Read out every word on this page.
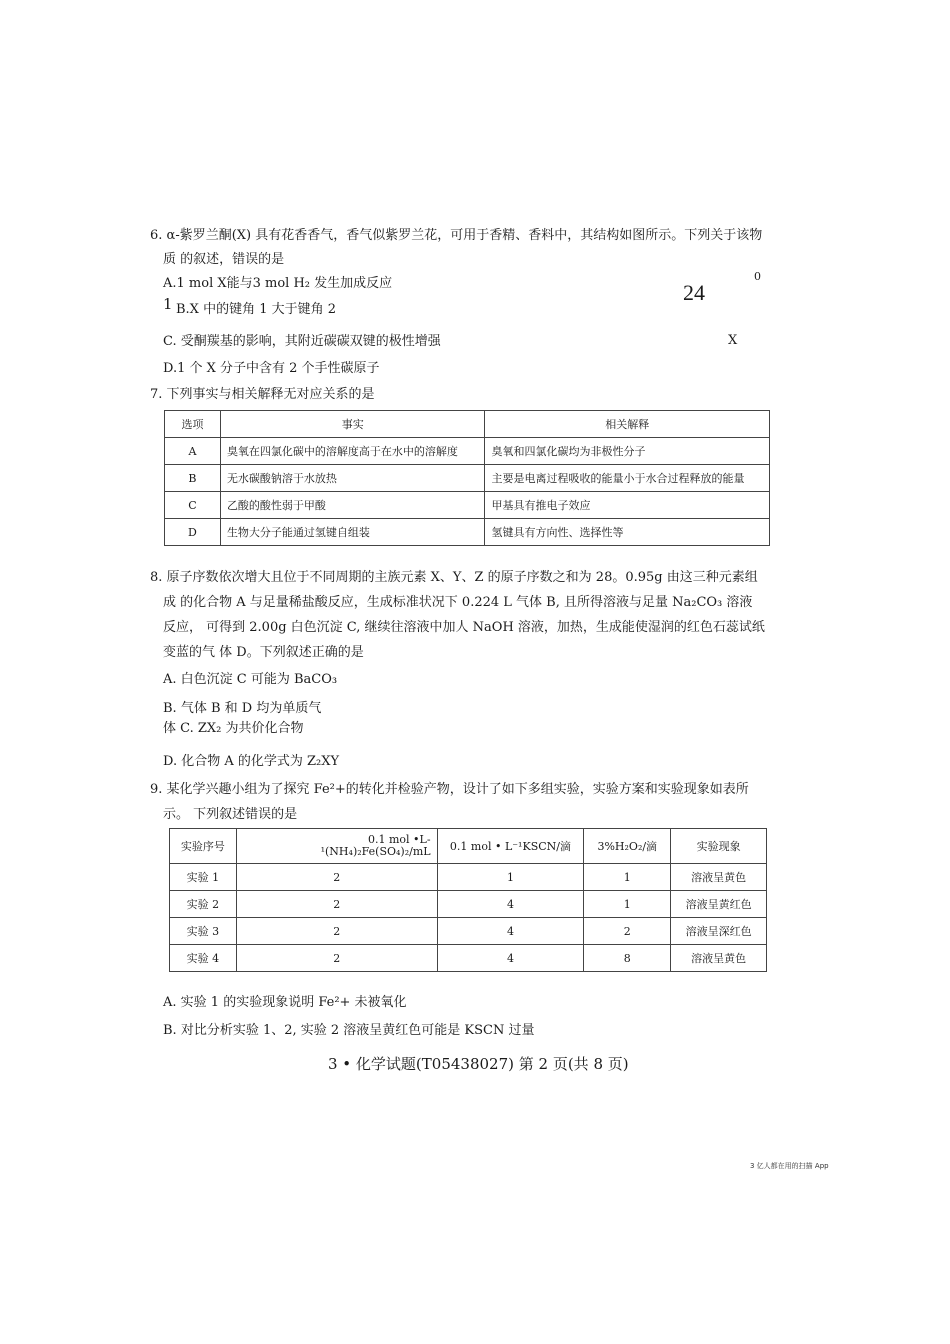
6. α-紫罗兰酮(X) 具有花香香气，香气似紫罗兰花，可用于香精、香料中，其结构如图所示。下列关于该物
质 的叙述，错误的是
A.1 mol X能与3 mol H₂ 发生加成反应
1 B.X 中的键角 1 大于键角 2
C. 受酮羰基的影响，其附近碳碳双键的极性增强
D.1 个 X 分子中含有 2 个手性碳原子
24
0
X
7. 下列事实与相关解释无对应关系的是
选项	事实	相关解释
A	臭氧在四氯化碳中的溶解度高于在水中的溶解度	臭氧和四氯化碳均为非极性分子
B	无水碳酸钠溶于水放热	主要是电离过程吸收的能量小于水合过程释放的能量
C	乙酸的酸性弱于甲酸	甲基具有推电子效应
D	生物大分子能通过氢键自组装	氢键具有方向性、选择性等
8. 原子序数依次增大且位于不同周期的主族元素 X、Y、Z 的原子序数之和为 28。0.95g 由这三种元素组
成 的化合物 A 与足量稀盐酸反应，生成标准状况下 0.224 L 气体 B, 且所得溶液与足量 Na₂CO₃ 溶液
反应， 可得到 2.00g 白色沉淀 C, 继续往溶液中加人 NaOH 溶液，加热，生成能使湿润的红色石蕊试纸
变蓝的气 体 D。下列叙述正确的是
A. 白色沉淀 C 可能为 BaCO₃
B. 气体 B 和 D 均为单质气
体 C. ZX₂ 为共价化合物
D. 化合物 A 的化学式为 Z₂XY
9. 某化学兴趣小组为了探究 Fe²+的转化并检验产物，设计了如下多组实验，实验方案和实验现象如表所
示。 下列叙述错误的是
实验序号	0.1 mol •L-
¹(NH₄)₂Fe(SO₄)₂/mL	0.1 mol • L⁻¹KSCN/滴	3%H₂O₂/滴	实验现象
实验 1	2	1	1	溶液呈黄色
实验 2	2	4	1	溶液呈黄红色
实验 3	2	4	2	溶液呈深红色
实验 4	2	4	8	溶液呈黄色
A. 实验 1 的实验现象说明 Fe²+ 未被氧化
B. 对比分析实验 1、2, 实验 2 溶液呈黄红色可能是 KSCN 过量
3 • 化学试题(T05438027) 第 2 页(共 8 页)
3 亿人都在用的扫描 App
